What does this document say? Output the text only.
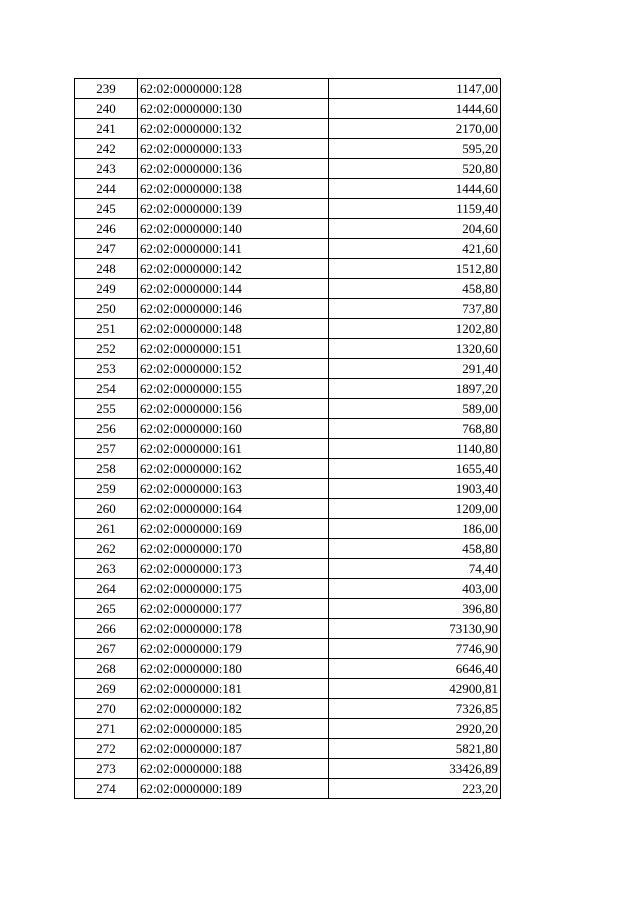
239	62:02:0000000:128	1147,00
240	62:02:0000000:130	1444,60
241	62:02:0000000:132	2170,00
242	62:02:0000000:133	595,20
243	62:02:0000000:136	520,80
244	62:02:0000000:138	1444,60
245	62:02:0000000:139	1159,40
246	62:02:0000000:140	204,60
247	62:02:0000000:141	421,60
248	62:02:0000000:142	1512,80
249	62:02:0000000:144	458,80
250	62:02:0000000:146	737,80
251	62:02:0000000:148	1202,80
252	62:02:0000000:151	1320,60
253	62:02:0000000:152	291,40
254	62:02:0000000:155	1897,20
255	62:02:0000000:156	589,00
256	62:02:0000000:160	768,80
257	62:02:0000000:161	1140,80
258	62:02:0000000:162	1655,40
259	62:02:0000000:163	1903,40
260	62:02:0000000:164	1209,00
261	62:02:0000000:169	186,00
262	62:02:0000000:170	458,80
263	62:02:0000000:173	74,40
264	62:02:0000000:175	403,00
265	62:02:0000000:177	396,80
266	62:02:0000000:178	73130,90
267	62:02:0000000:179	7746,90
268	62:02:0000000:180	6646,40
269	62:02:0000000:181	42900,81
270	62:02:0000000:182	7326,85
271	62:02:0000000:185	2920,20
272	62:02:0000000:187	5821,80
273	62:02:0000000:188	33426,89
274	62:02:0000000:189	223,20
